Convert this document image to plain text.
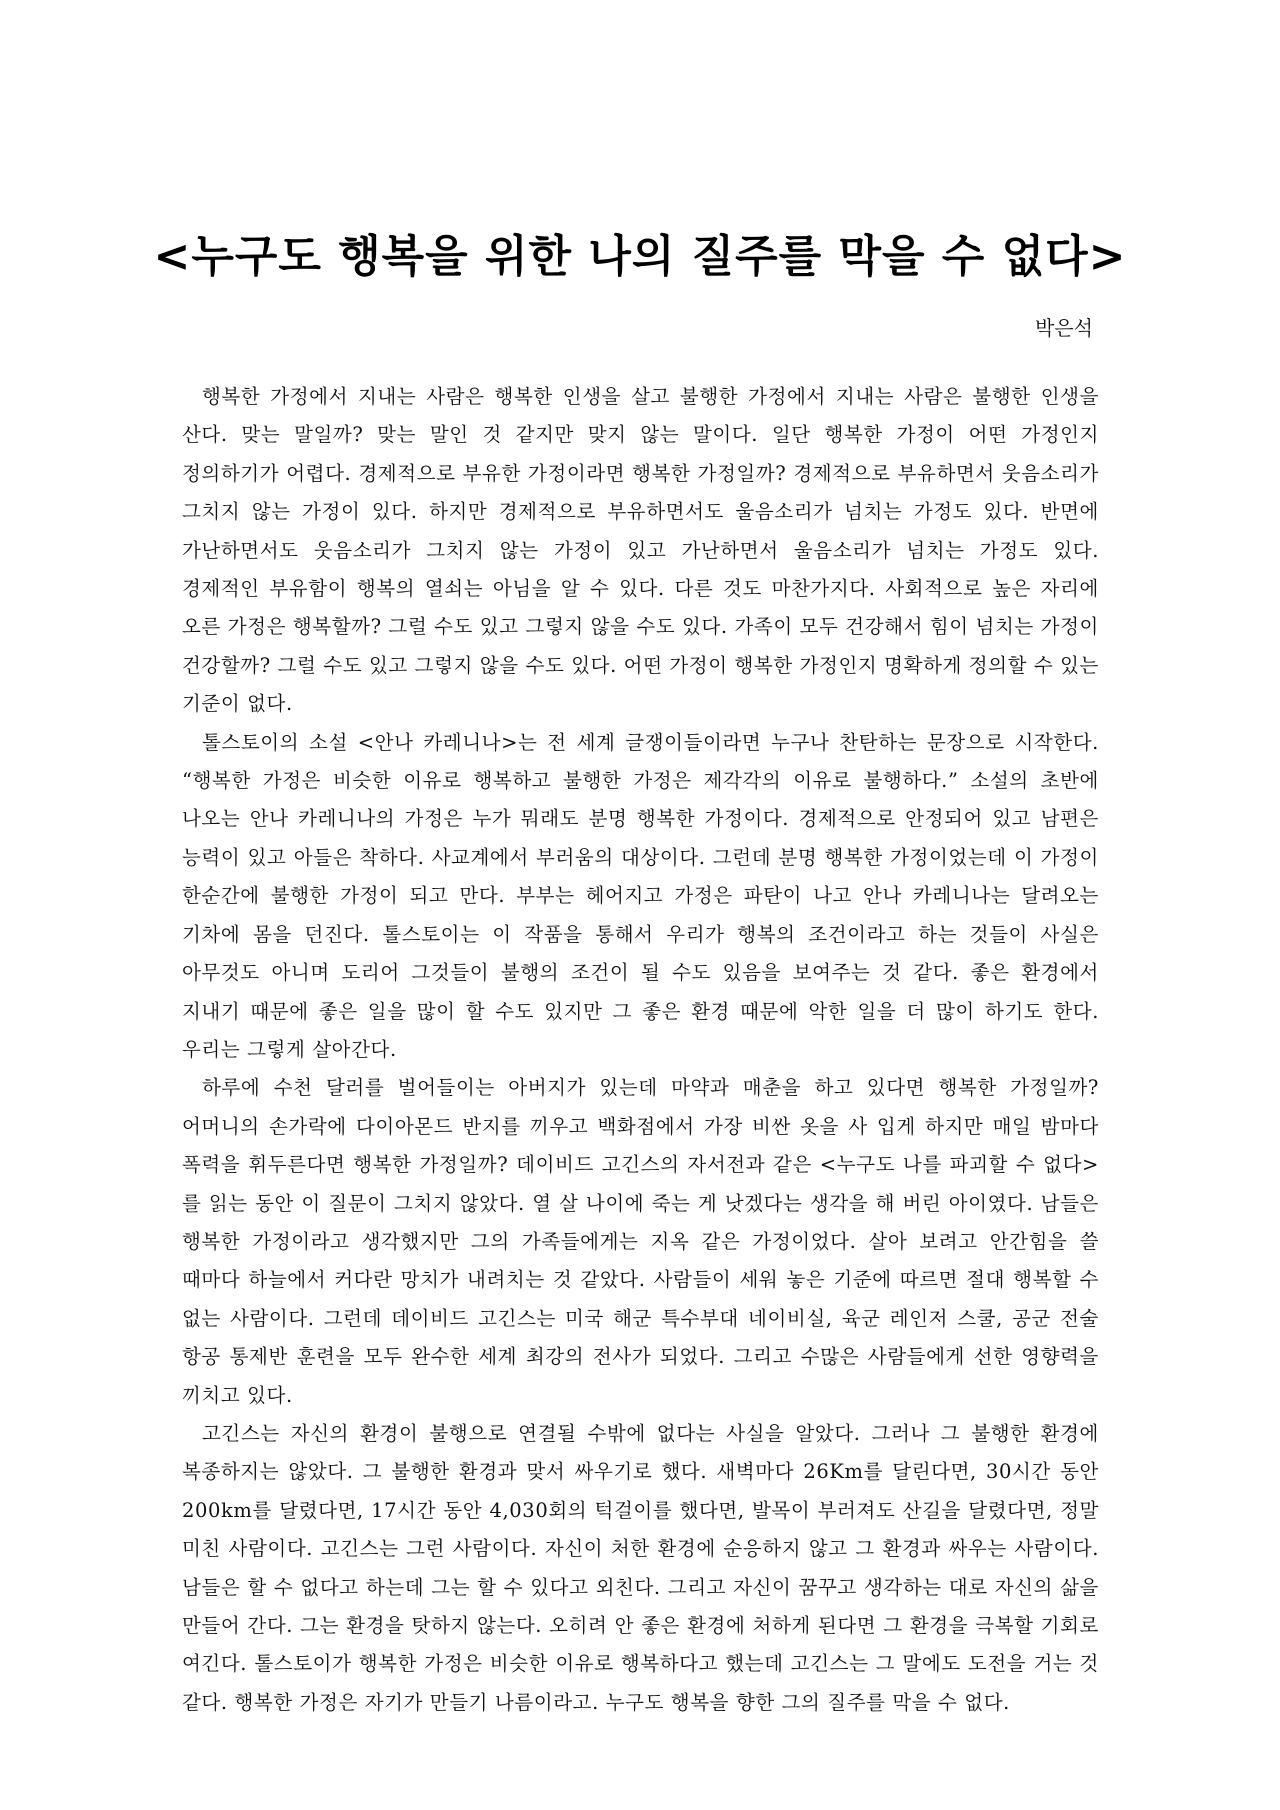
<누구도 행복을 위한 나의 질주를 막을 수 없다>
박은석

행복한 가정에서 지내는 사람은 행복한 인생을 살고 불행한 가정에서 지내는 사람은 불행한 인생을 산다. 맞는 말일까? 맞는 말인 것 같지만 맞지 않는 말이다. 일단 행복한 가정이 어떤 가정인지 정의하기가 어렵다. 경제적으로 부유한 가정이라면 행복한 가정일까? 경제적으로 부유하면서 웃음소리가 그치지 않는 가정이 있다. 하지만 경제적으로 부유하면서도 울음소리가 넘치는 가정도 있다. 반면에 가난하면서도 웃음소리가 그치지 않는 가정이 있고 가난하면서 울음소리가 넘치는 가정도 있다. 경제적인 부유함이 행복의 열쇠는 아님을 알 수 있다. 다른 것도 마찬가지다. 사회적으로 높은 자리에 오른 가정은 행복할까? 그럴 수도 있고 그렇지 않을 수도 있다. 가족이 모두 건강해서 힘이 넘치는 가정이 건강할까? 그럴 수도 있고 그렇지 않을 수도 있다. 어떤 가정이 행복한 가정인지 명확하게 정의할 수 있는 기준이 없다.

톨스토이의 소설 <안나 카레니나>는 전 세계 글쟁이들이라면 누구나 찬탄하는 문장으로 시작한다. “행복한 가정은 비슷한 이유로 행복하고 불행한 가정은 제각각의 이유로 불행하다.” 소설의 초반에 나오는 안나 카레니나의 가정은 누가 뭐래도 분명 행복한 가정이다. 경제적으로 안정되어 있고 남편은 능력이 있고 아들은 착하다. 사교계에서 부러움의 대상이다. 그런데 분명 행복한 가정이었는데 이 가정이 한순간에 불행한 가정이 되고 만다. 부부는 헤어지고 가정은 파탄이 나고 안나 카레니나는 달려오는 기차에 몸을 던진다. 톨스토이는 이 작품을 통해서 우리가 행복의 조건이라고 하는 것들이 사실은 아무것도 아니며 도리어 그것들이 불행의 조건이 될 수도 있음을 보여주는 것 같다. 좋은 환경에서 지내기 때문에 좋은 일을 많이 할 수도 있지만 그 좋은 환경 때문에 악한 일을 더 많이 하기도 한다. 우리는 그렇게 살아간다.

하루에 수천 달러를 벌어들이는 아버지가 있는데 마약과 매춘을 하고 있다면 행복한 가정일까? 어머니의 손가락에 다이아몬드 반지를 끼우고 백화점에서 가장 비싼 옷을 사 입게 하지만 매일 밤마다 폭력을 휘두른다면 행복한 가정일까? 데이비드 고긴스의 자서전과 같은 <누구도 나를 파괴할 수 없다>를 읽는 동안 이 질문이 그치지 않았다. 열 살 나이에 죽는 게 낫겠다는 생각을 해 버린 아이였다. 남들은 행복한 가정이라고 생각했지만 그의 가족들에게는 지옥 같은 가정이었다. 살아 보려고 안간힘을 쓸 때마다 하늘에서 커다란 망치가 내려치는 것 같았다. 사람들이 세워 놓은 기준에 따르면 절대 행복할 수 없는 사람이다. 그런데 데이비드 고긴스는 미국 해군 특수부대 네이비실, 육군 레인저 스쿨, 공군 전술 항공 통제반 훈련을 모두 완수한 세계 최강의 전사가 되었다. 그리고 수많은 사람들에게 선한 영향력을 끼치고 있다.

고긴스는 자신의 환경이 불행으로 연결될 수밖에 없다는 사실을 알았다. 그러나 그 불행한 환경에 복종하지는 않았다. 그 불행한 환경과 맞서 싸우기로 했다. 새벽마다 26Km를 달린다면, 30시간 동안 200km를 달렸다면, 17시간 동안 4,030회의 턱걸이를 했다면, 발목이 부러져도 산길을 달렸다면, 정말 미친 사람이다. 고긴스는 그런 사람이다. 자신이 처한 환경에 순응하지 않고 그 환경과 싸우는 사람이다. 남들은 할 수 없다고 하는데 그는 할 수 있다고 외친다. 그리고 자신이 꿈꾸고 생각하는 대로 자신의 삶을 만들어 간다. 그는 환경을 탓하지 않는다. 오히려 안 좋은 환경에 처하게 된다면 그 환경을 극복할 기회로 여긴다. 톨스토이가 행복한 가정은 비슷한 이유로 행복하다고 했는데 고긴스는 그 말에도 도전을 거는 것 같다. 행복한 가정은 자기가 만들기 나름이라고. 누구도 행복을 향한 그의 질주를 막을 수 없다.
